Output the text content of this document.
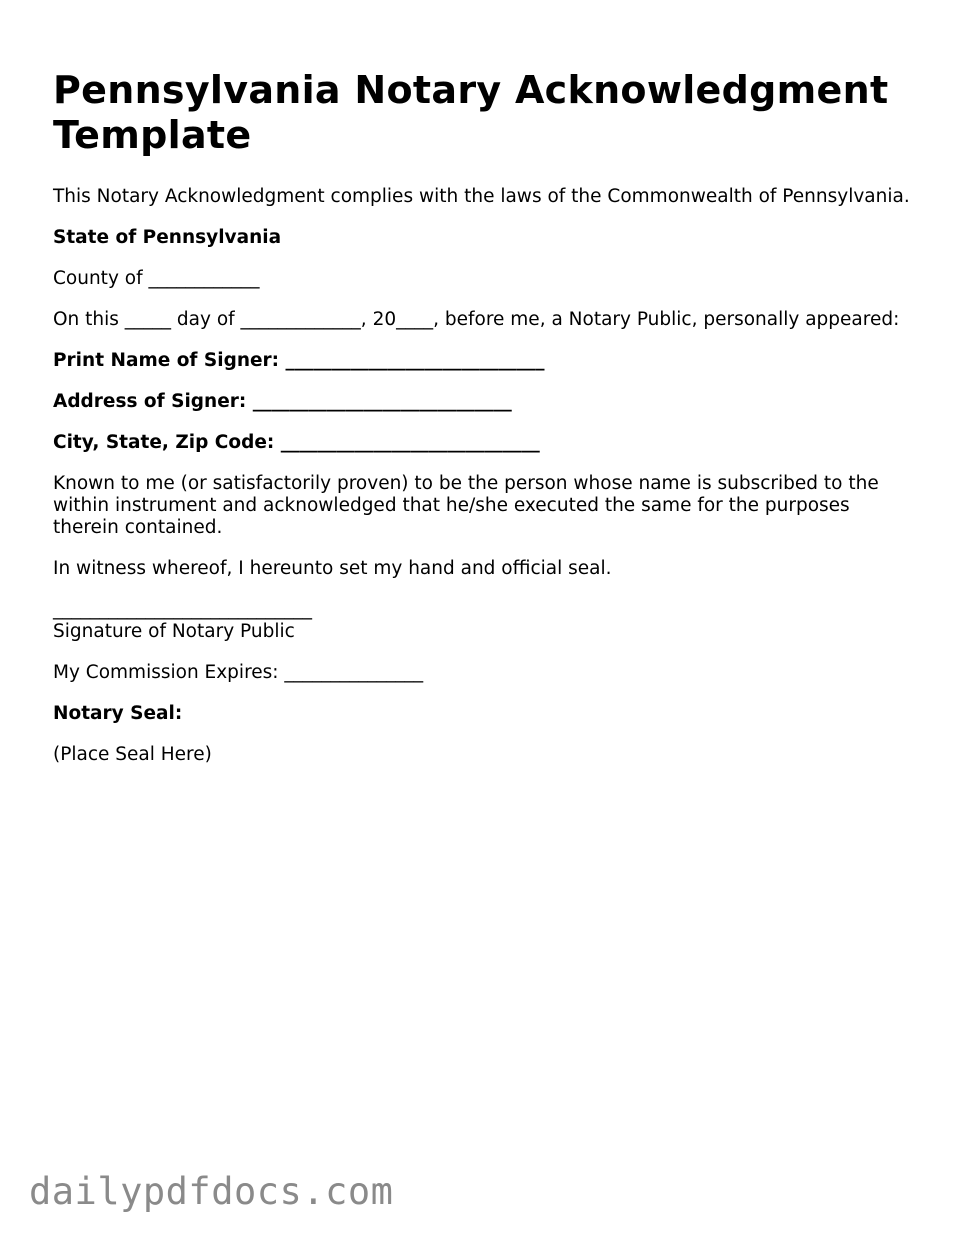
Pennsylvania Notary Acknowledgment Template

This Notary Acknowledgment complies with the laws of the Commonwealth of Pennsylvania.

State of Pennsylvania

County of ____________

On this _____ day of _____________, 20____, before me, a Notary Public, personally appeared:

Print Name of Signer: ____________________________

Address of Signer: ____________________________

City, State, Zip Code: ____________________________

Known to me (or satisfactorily proven) to be the person whose name is subscribed to the within instrument and acknowledged that he/she executed the same for the purposes therein contained.

In witness whereof, I hereunto set my hand and official seal.

____________________________

Signature of Notary Public

My Commission Expires: _______________

Notary Seal:

(Place Seal Here)

dailypdfdocs.com
